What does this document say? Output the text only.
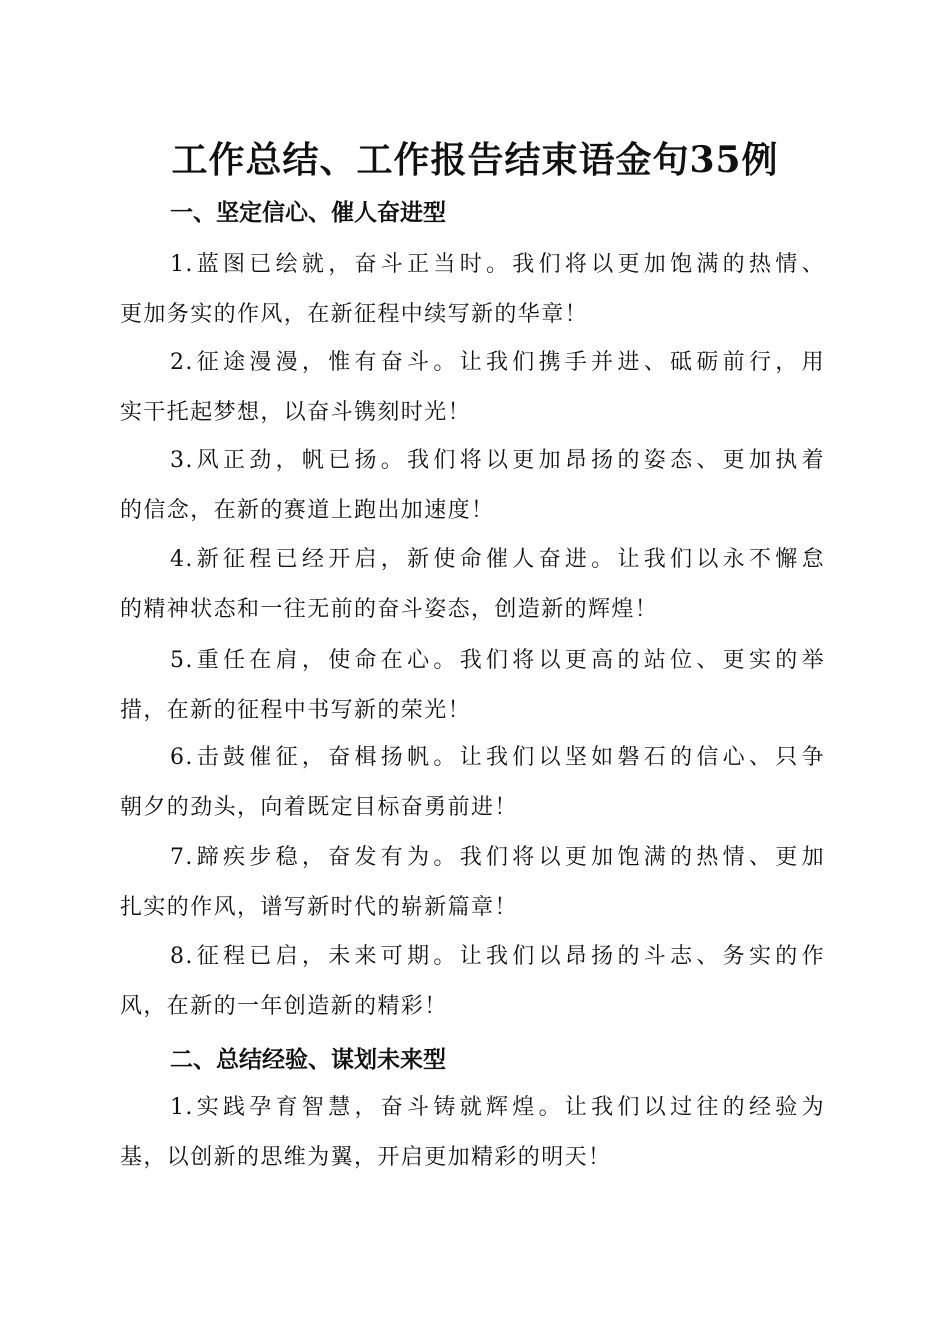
工作总结、工作报告结束语金句35例
一、坚定信心、催人奋进型

1.蓝图已绘就，奋斗正当时。我们将以更加饱满的热情、
更加务实的作风，在新征程中续写新的华章！

2.征途漫漫，惟有奋斗。让我们携手并进、砥砺前行，用
实干托起梦想，以奋斗镌刻时光！

3.风正劲，帆已扬。我们将以更加昂扬的姿态、更加执着
的信念，在新的赛道上跑出加速度！

4.新征程已经开启，新使命催人奋进。让我们以永不懈怠
的精神状态和一往无前的奋斗姿态，创造新的辉煌！

5.重任在肩，使命在心。我们将以更高的站位、更实的举
措，在新的征程中书写新的荣光！

6.击鼓催征，奋楫扬帆。让我们以坚如磐石的信心、只争
朝夕的劲头，向着既定目标奋勇前进！

7.蹄疾步稳，奋发有为。我们将以更加饱满的热情、更加
扎实的作风，谱写新时代的崭新篇章！

8.征程已启，未来可期。让我们以昂扬的斗志、务实的作
风，在新的一年创造新的精彩！

二、总结经验、谋划未来型

1.实践孕育智慧，奋斗铸就辉煌。让我们以过往的经验为
基，以创新的思维为翼，开启更加精彩的明天！
